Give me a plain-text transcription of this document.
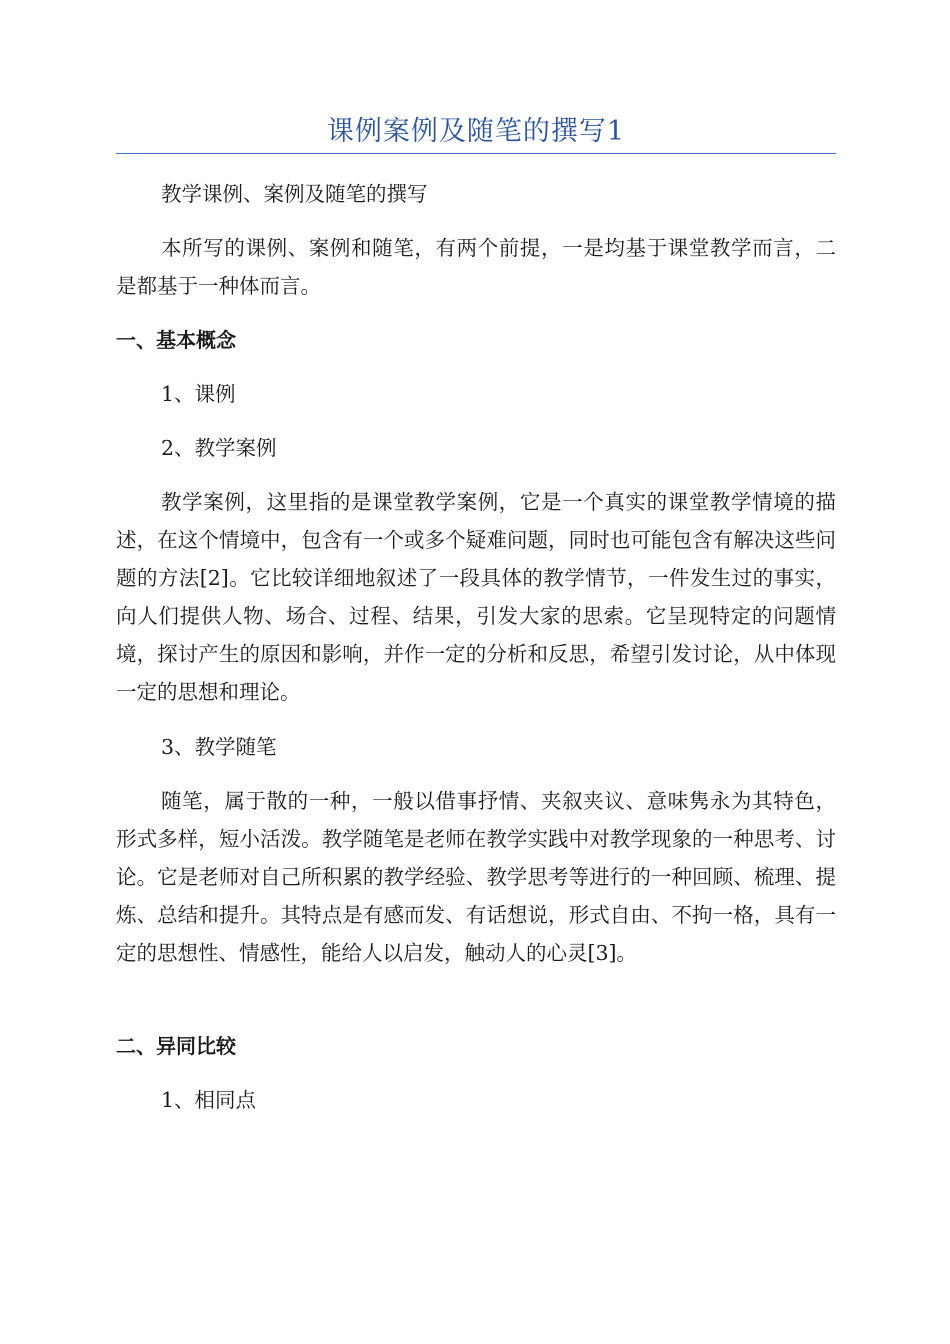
课例案例及随笔的撰写1

教学课例、案例及随笔的撰写

本所写的课例、案例和随笔，有两个前提，一是均基于课堂教学而言，二是都基于一种体而言。

一、基本概念

1、课例

2、教学案例

教学案例，这里指的是课堂教学案例，它是一个真实的课堂教学情境的描述，在这个情境中，包含有一个或多个疑难问题，同时也可能包含有解决这些问题的方法[2]。它比较详细地叙述了一段具体的教学情节，一件发生过的事实，向人们提供人物、场合、过程、结果，引发大家的思索。它呈现特定的问题情境，探讨产生的原因和影响，并作一定的分析和反思，希望引发讨论，从中体现一定的思想和理论。

3、教学随笔

随笔，属于散的一种，一般以借事抒情、夹叙夹议、意味隽永为其特色，形式多样，短小活泼。教学随笔是老师在教学实践中对教学现象的一种思考、讨论。它是老师对自己所积累的教学经验、教学思考等进行的一种回顾、梳理、提炼、总结和提升。其特点是有感而发、有话想说，形式自由、不拘一格，具有一定的思想性、情感性，能给人以启发，触动人的心灵[3]。

二、异同比较

1、相同点
